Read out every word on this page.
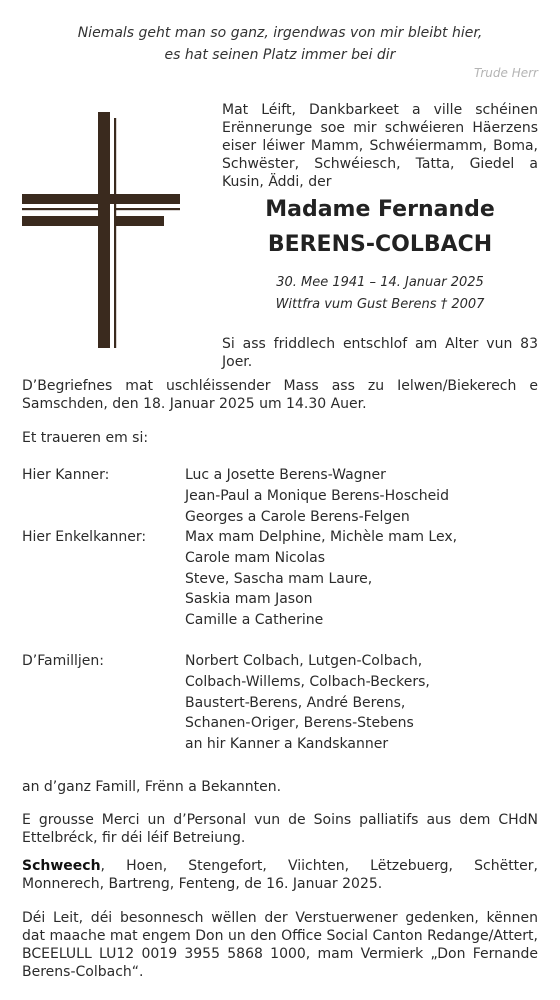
Niemals geht man so ganz, irgendwas von mir bleibt hier,
es hat seinen Platz immer bei dir
Trude Herr
Mat Léift, Dankbarkeet a ville schéinen Erënnerunge soe mir schwéieren Häerzens eiser léiwer Mamm, Schwéiermamm, Boma, Schwëster, Schwéiesch, Tatta, Giedel a Kusin, Äddi, der
Madame Fernande
BERENS-COLBACH
30. Mee 1941 – 14. Januar 2025
Wittfra vum Gust Berens † 2007
Si ass friddlech entschlof am Alter vun 83 Joer.
D’Begriefnes mat uschléissender Mass ass zu Ielwen/Biekerech e Samschden, den 18. Januar 2025 um 14.30 Auer.
Et traueren em si:
Hier Kanner:	Luc a Josette Berens-Wagner
Jean-Paul a Monique Berens-Hoscheid
Georges a Carole Berens-Felgen
Hier Enkelkanner:	Max mam Delphine, Michèle mam Lex,
Carole mam Nicolas
Steve, Sascha mam Laure,
Saskia mam Jason
Camille a Catherine
D’Familljen:	Norbert Colbach, Lutgen-Colbach,
Colbach-Willems, Colbach-Beckers,
Baustert-Berens, André Berens,
Schanen-Origer, Berens-Stebens
an hir Kanner a Kandskanner
an d’ganz Famill, Frënn a Bekannten.
E grousse Merci un d’Personal vun de Soins palliatifs aus dem CHdN Ettelbréck, fir déi léif Betreiung.
Schweech, Hoen, Stengefort, Viichten, Lëtzebuerg, Schëtter, Monnerech, Bartreng, Fenteng, de 16. Januar 2025.
Déi Leit, déi besonnesch wëllen der Verstuerwener gedenken, kënnen dat maache mat engem Don un den Office Social Canton Redange/Attert, BCEELULL LU12 0019 3955 5868 1000, mam Vermierk „Don Fernande Berens-Colbach“.
